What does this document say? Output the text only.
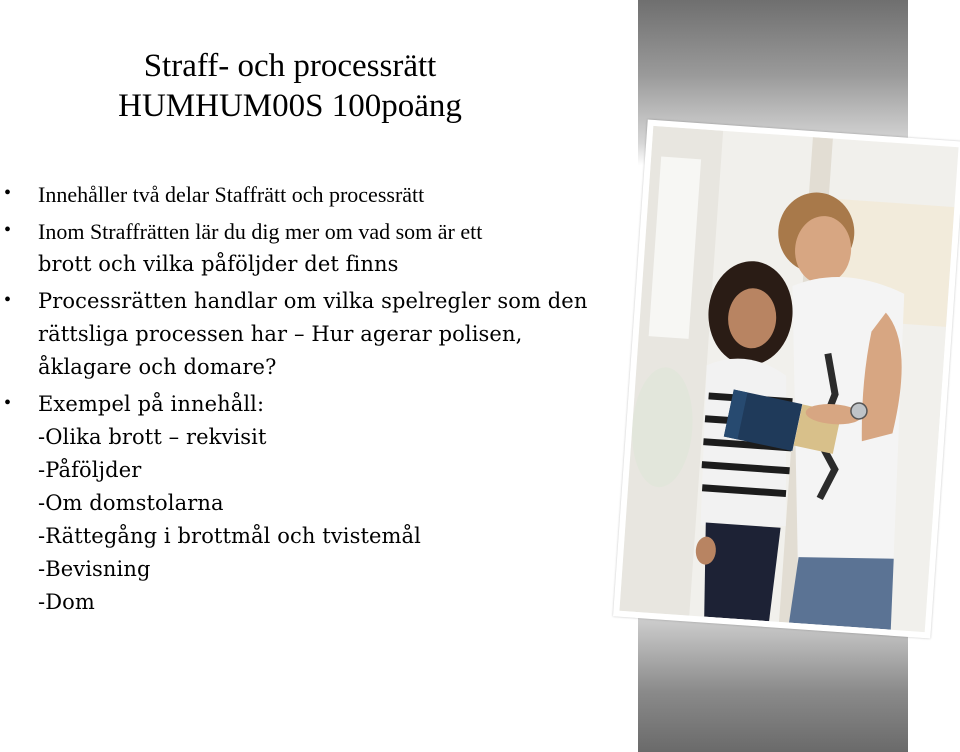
Straff- och processrätt
HUMHUM00S 100poäng
• Innehåller två delar Staffrätt och processrätt
• Inom Straffrätten lär du dig mer om vad som är ett
brott och vilka påföljder det finns
• Processrätten handlar om vilka spelregler som den
rättsliga processen har – Hur agerar polisen,
åklagare och domare?
• Exempel på innehåll:
-Olika brott – rekvisit
-Påföljder
-Om domstolarna
-Rättegång i brottmål och tvistemål
-Bevisning
-Dom
